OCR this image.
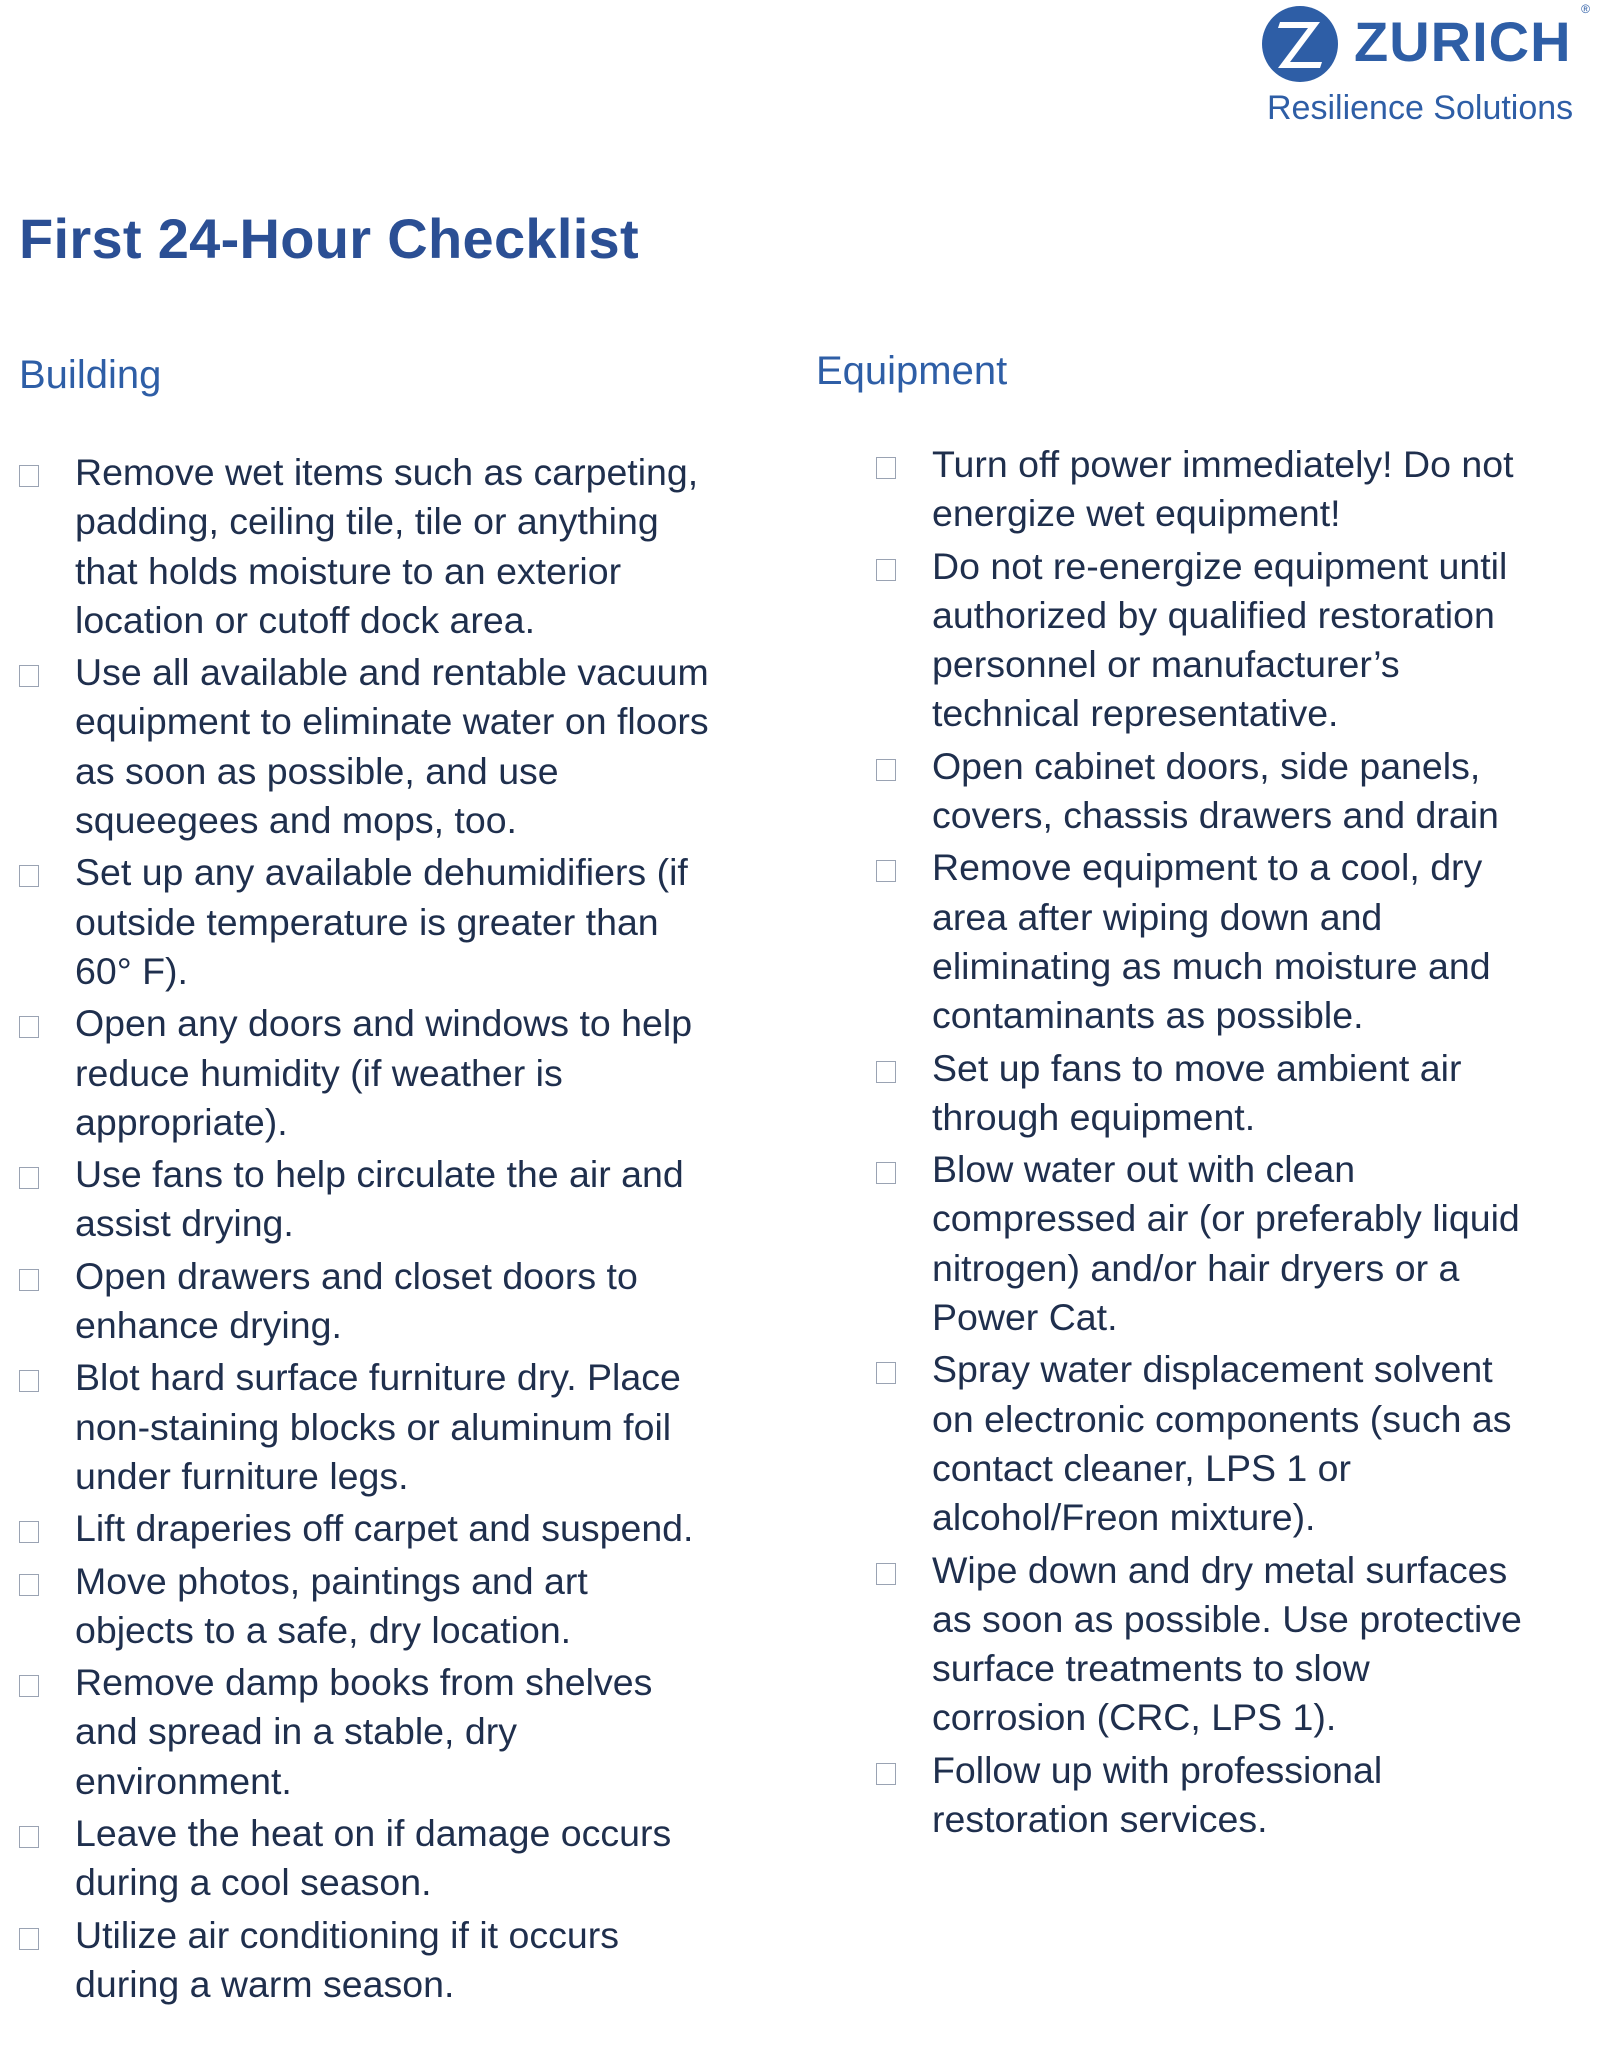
ZURICH
®
Resilience Solutions
First 24-Hour Checklist
Building
Remove wet items such as carpeting, padding, ceiling tile, tile or anything that holds moisture to an exterior location or cutoff dock area.
Use all available and rentable vacuum equipment to eliminate water on floors as soon as possible, and use squeegees and mops, too.
Set up any available dehumidifiers (if outside temperature is greater than 60° F).
Open any doors and windows to help reduce humidity (if weather is appropriate).
Use fans to help circulate the air and assist drying.
Open drawers and closet doors to enhance drying.
Blot hard surface furniture dry. Place non-staining blocks or aluminum foil under furniture legs.
Lift draperies off carpet and suspend.
Move photos, paintings and art objects to a safe, dry location.
Remove damp books from shelves and spread in a stable, dry environment.
Leave the heat on if damage occurs during a cool season.
Utilize air conditioning if it occurs during a warm season.
Equipment
Turn off power immediately! Do not energize wet equipment!
Do not re-energize equipment until authorized by qualified restoration personnel or manufacturer’s technical representative.
Open cabinet doors, side panels, covers, chassis drawers and drain
Remove equipment to a cool, dry area after wiping down and eliminating as much moisture and contaminants as possible.
Set up fans to move ambient air through equipment.
Blow water out with clean compressed air (or preferably liquid nitrogen) and/or hair dryers or a Power Cat.
Spray water displacement solvent on electronic components (such as contact cleaner, LPS 1 or alcohol/Freon mixture).
Wipe down and dry metal surfaces as soon as possible. Use protective surface treatments to slow corrosion (CRC, LPS 1).
Follow up with professional restoration services.
